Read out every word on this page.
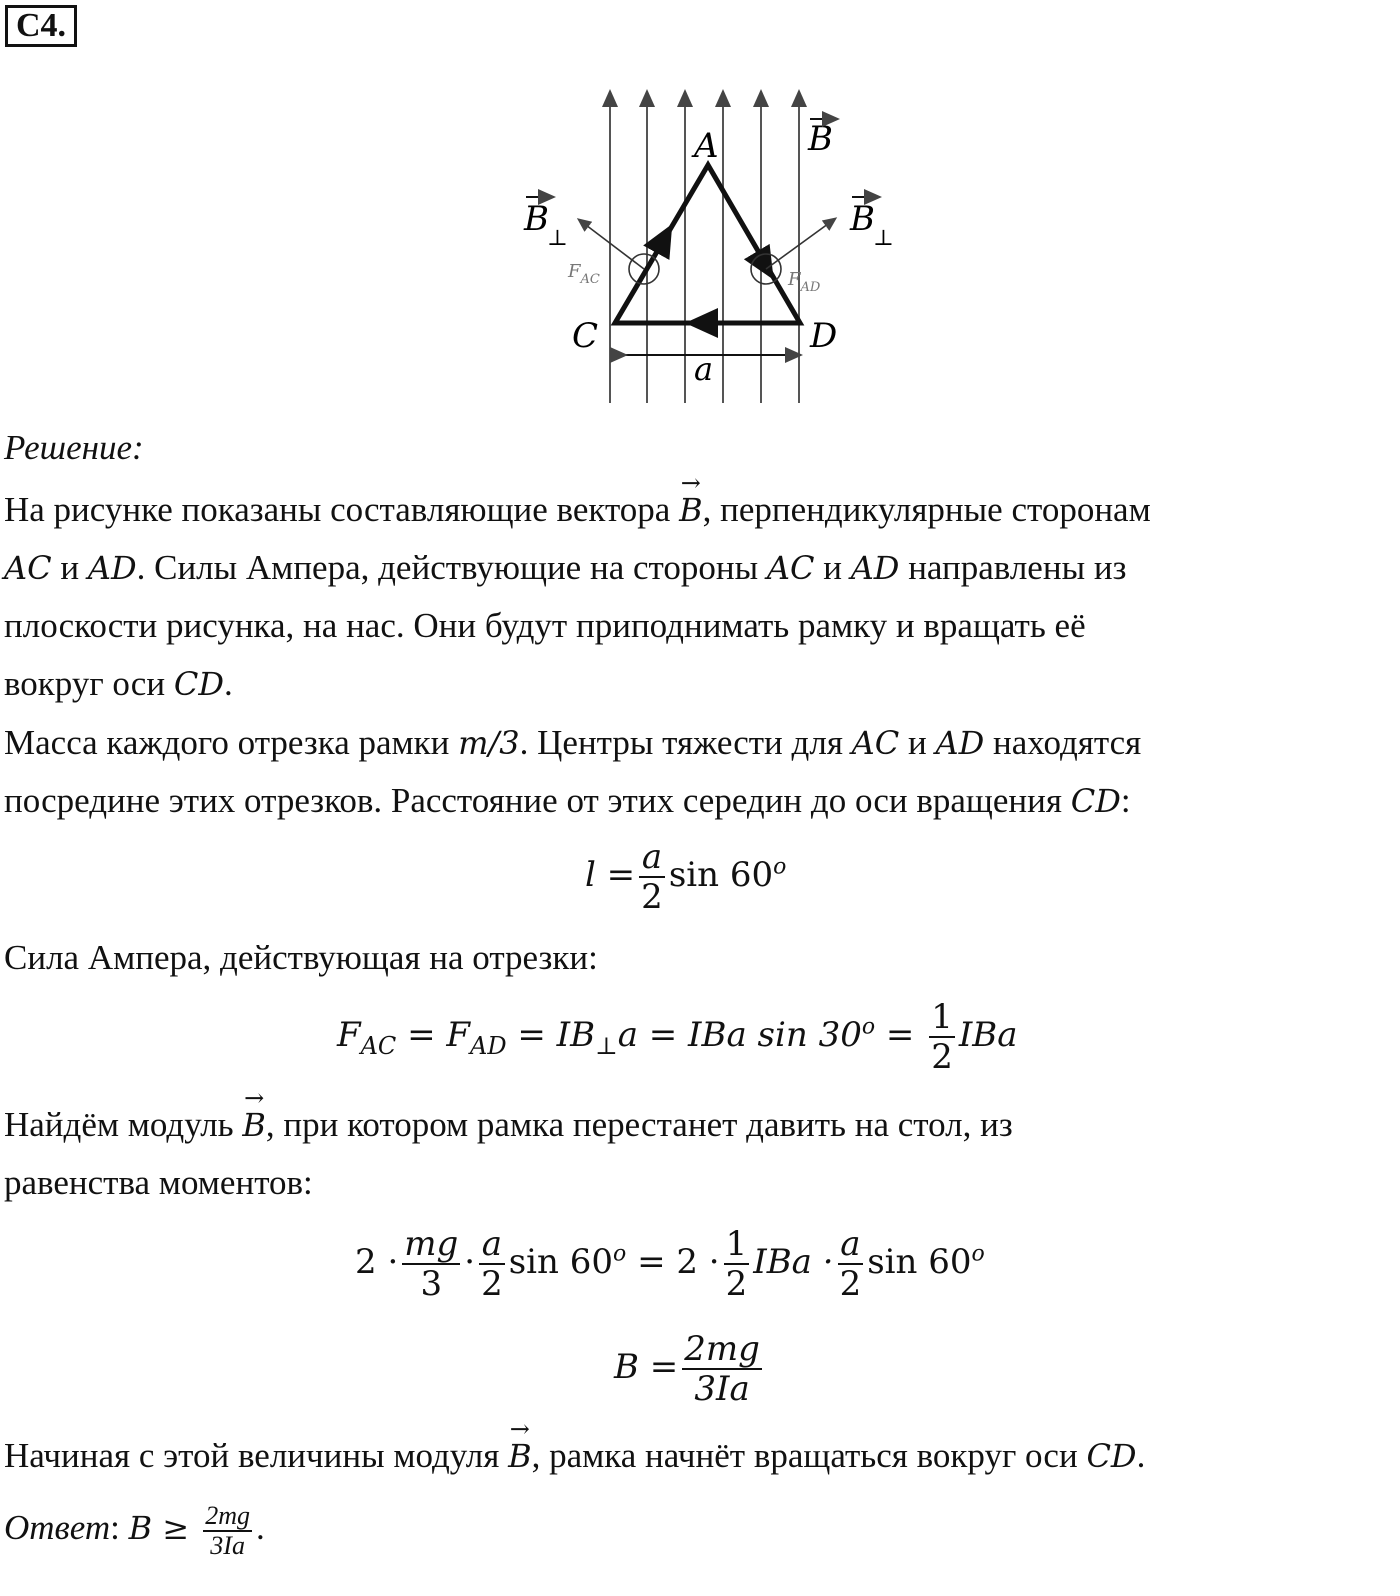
C4.
A
C	D
a
B
B
⊥	B
⊥
$F_{AC}$	$F_{AD}$
Решение:
На рисунке показаны составляющие вектора → B, перпендикулярные сторонам
AC и AD. Силы Ампера, действующие на стороны AC и AD направлены из
плоскости рисунка, на нас. Они будут приподнимать рамку и вращать её
вокруг оси CD.
Масса каждого отрезка рамки m/3. Центры тяжести для AC и AD находятся
посредине этих отрезков. Расстояние от этих середин до оси вращения CD:
$l = \frac{a}{2}$ sin 60$^o$
Сила Ампера, действующая на отрезки:
$F_{AC} = F_{AD} = IB_\perp a$ = IBa $\sin 30^o = \frac{1}{2}$ IBa
Найдём модуль → B, при котором рамка перестанет давить на стол, из
равенства моментов:
$2 \cdot \frac{mg}{3} \cdot \frac{a}{2}$ $\sin 60^o = 2 \cdot \frac{1}{2}$ IBa · $\frac{a}{2}$ sin 60$^o$
$B = \frac{2mg}{3Ia}$
Начиная с этой величины модуля → B, рамка начнёт вращаться вокруг оси CD.
Ответ: $B \ge \frac{2mg}{3Ia}$ .
